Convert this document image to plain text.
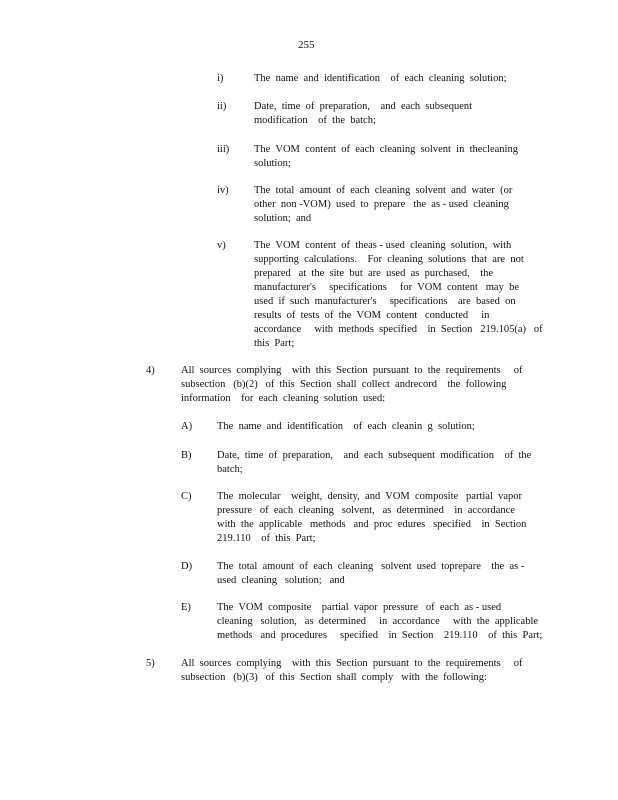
255
i)	The  name  and  identification    of  each  cleaning  solution;
ii)	Date,  time  of  preparation,    and  each  subsequent
modification    of  the  batch;
iii) The  VOM  content  of  each  cleaning  solvent  in  thecleaning
solution;
iv) The  total  amount  of  each  cleaning  solvent  and  water  (or
other  non -VOM)  used  to  prepare   the  as - used  cleaning
solution;  and
v)	The  VOM  content  of  theas - used  cleaning  solution,  with
supporting  calculations.    For  cleaning  solutions  that  are  not
prepared   at  the  site  but  are  used  as  purchased,    the
manufacturer's     specifications     for  VOM  content   may  be
used  if  such  manufacturer's     specifications    are  based  on
results  of  tests  of  the  VOM  content   conducted     in
accordance     with  methods  specified    in  Section   219.105(a)   of
this  Part;
4)	All  sources  complying    with  this  Section  pursuant  to  the  requirements     of
subsection   (b)(2)   of  this  Section  shall  collect  andrecord    the  following
information    for  each  cleaning  solution  used:
A) The  name  and  identification    of  each  cleanin  g  solution;
B) Date,  time  of  preparation,    and  each  subsequent  modification    of  the
batch;
C) The  molecular    weight,  density,  and  VOM  composite   partial  vapor
pressure   of  each  cleaning   solvent,   as  determined    in  accordance
with  the  applicable   methods   and  proc  edures   specified    in  Section
219.110    of  this  Part;
D) The  total  amount  of  each  cleaning   solvent  used  toprepare    the  as -
used  cleaning   solution;   and
E) The  VOM  composite    partial  vapor  pressure   of  each  as - used
cleaning   solution,   as  determined     in  accordance     with  the  applicable
methods   and  procedures     specified    in  Section    219.110    of  this  Part;
5)	All  sources  complying    with  this  Section  pursuant  to  the  requirements     of
subsection   (b)(3)   of  this  Section  shall  comply   with  the  following:
